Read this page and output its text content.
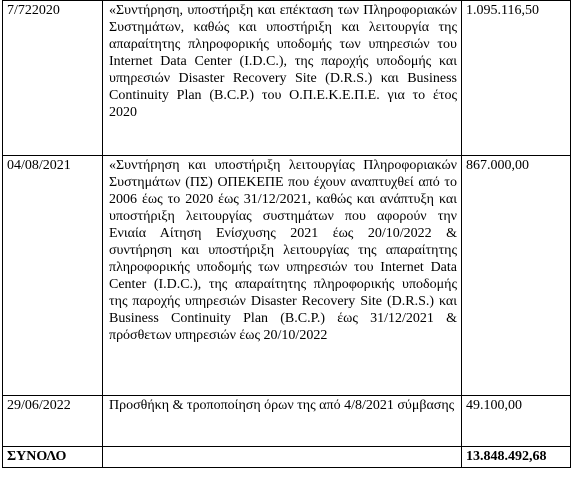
7/722020	«Συντήρηση, υποστήριξη και επέκταση των Πληροφοριακών Συστημάτων, καθώς και υποστήριξη και λειτουργία της απαραίτητης πληροφορικής υποδομής των υπηρεσιών του Internet Data Center (I.D.C.), της παροχής υποδομής και υπηρεσιών Disaster Recovery Site (D.R.S.) και Business Continuity Plan (B.C.P.) του Ο.Π.Ε.Κ.Ε.Π.Ε. για το έτος 2020	1.095.116,50
04/08/2021	«Συντήρηση και υποστήριξη λειτουργίας Πληροφοριακών Συστημάτων (ΠΣ) ΟΠΕΚΕΠΕ που έχουν αναπτυχθεί από το 2006 έως το 2020 έως 31/12/2021, καθώς και ανάπτυξη και υποστήριξη λειτουργίας συστημάτων που αφορούν την Ενιαία Αίτηση Ενίσχυσης 2021 έως 20/10/2022 & συντήρηση και υποστήριξη λειτουργίας της απαραίτητης πληροφορικής υποδομής των υπηρεσιών του Internet Data Center (I.D.C.), της απαραίτητης πληροφορικής υποδομής της παροχής υπηρεσιών Disaster Recovery Site (D.R.S.) και Business Continuity Plan (B.C.P.) έως 31/12/2021 & πρόσθετων υπηρεσιών έως 20/10/2022	867.000,00
29/06/2022	Προσθήκη & τροποποίηση όρων της από 4/8/2021 σύμβασης	49.100,00
ΣΥΝΟΛΟ		13.848.492,68
